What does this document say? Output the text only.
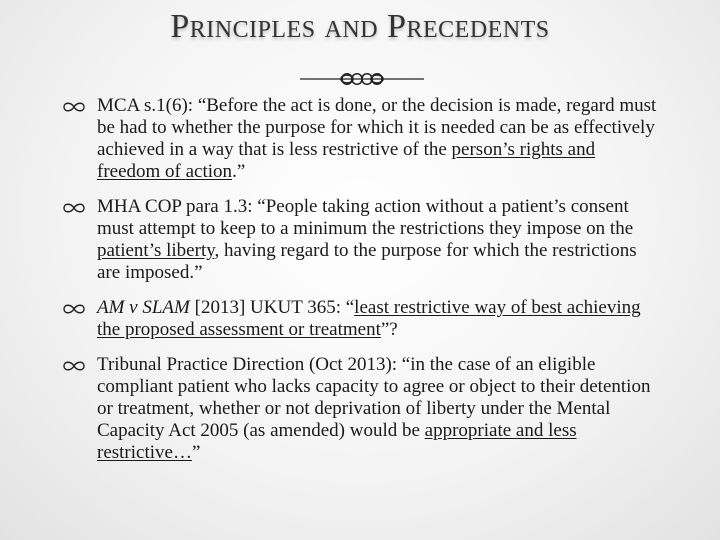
Principles and Precedents
MCA s.1(6): “Before the act is done, or the decision is made, regard must be had to whether the purpose for which it is needed can be as effectively achieved in a way that is less restrictive of the person’s rights and freedom of action.”
MHA COP para 1.3: “People taking action without a patient’s consent must attempt to keep to a minimum the restrictions they impose on the patient’s liberty, having regard to the purpose for which the restrictions are imposed.”
AM v SLAM [2013] UKUT 365: “least restrictive way of best achieving the proposed assessment or treatment”?
Tribunal Practice Direction (Oct 2013): “in the case of an eligible compliant patient who lacks capacity to agree or object to their detention or treatment, whether or not deprivation of liberty under the Mental Capacity Act 2005 (as amended) would be appropriate and less restrictive…”
